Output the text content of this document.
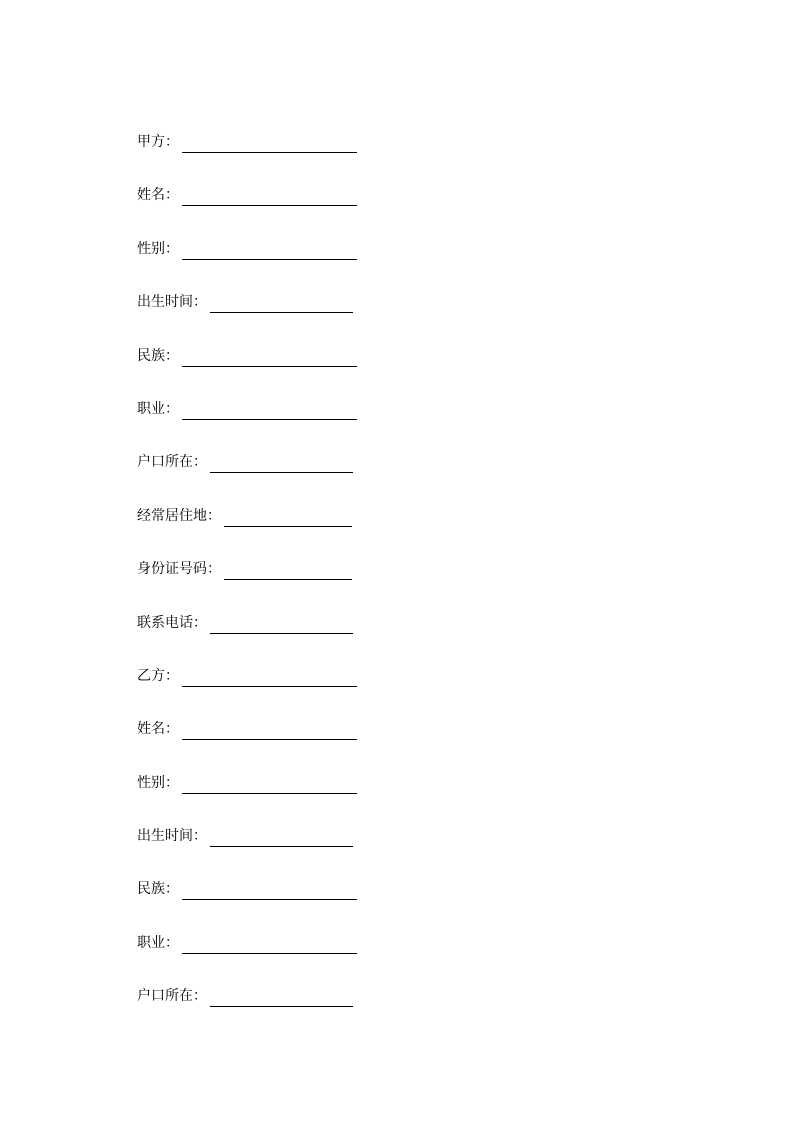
甲方：
姓名：
性别：
出生时间：
民族：
职业：
户口所在：
经常居住地：
身份证号码：
联系电话：
乙方：
姓名：
性别：
出生时间：
民族：
职业：
户口所在：
